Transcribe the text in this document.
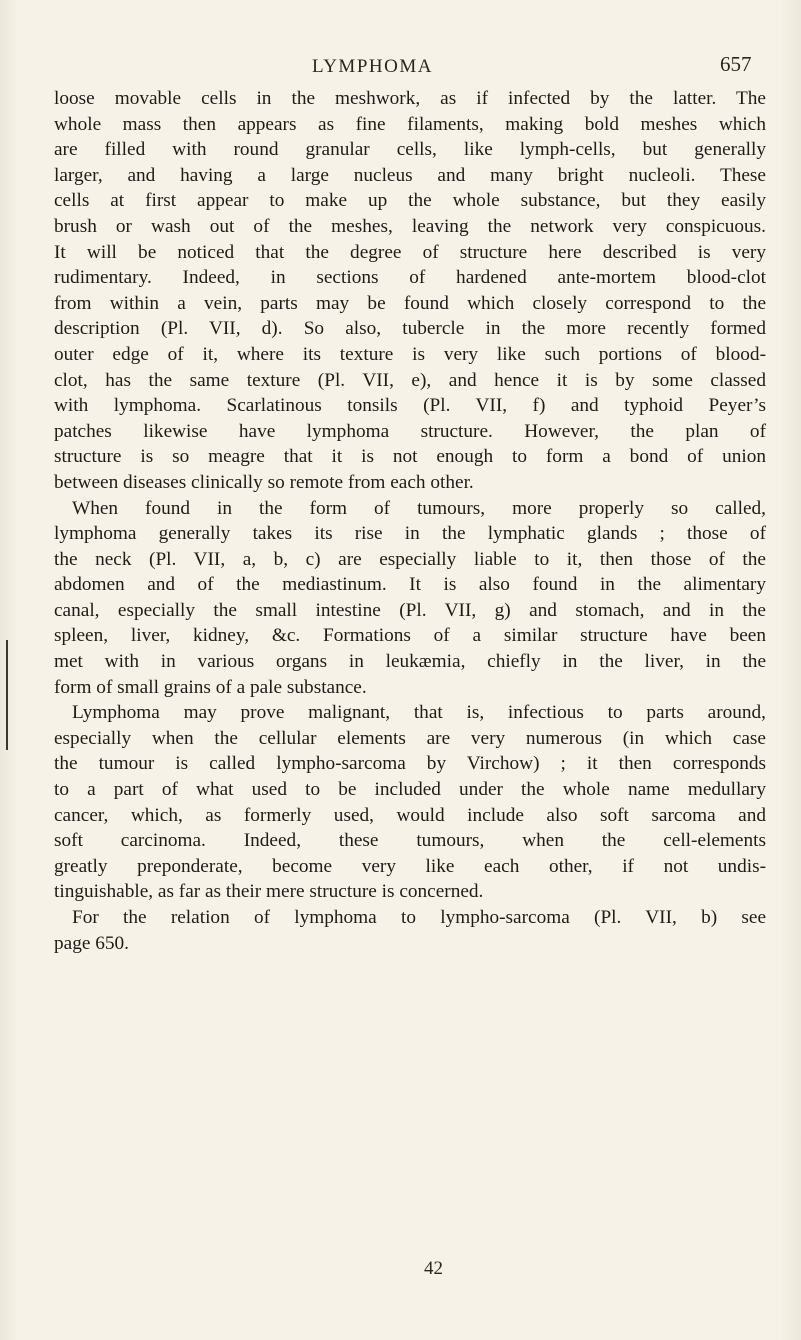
LYMPHOMA	657
loose movable cells in the meshwork, as if infected by the latter. The
whole mass then appears as fine filaments, making bold meshes which
are filled with round granular cells, like lymph-cells, but generally
larger, and having a large nucleus and many bright nucleoli. These
cells at first appear to make up the whole substance, but they easily
brush or wash out of the meshes, leaving the network very conspicuous.
It will be noticed that the degree of structure here described is very
rudimentary. Indeed, in sections of hardened ante-mortem blood-clot
from within a vein, parts may be found which closely correspond to the
description (Pl. VII, d). So also, tubercle in the more recently formed
outer edge of it, where its texture is very like such portions of blood-
clot, has the same texture (Pl. VII, e), and hence it is by some classed
with lymphoma. Scarlatinous tonsils (Pl. VII, f) and typhoid Peyer’s
patches likewise have lymphoma structure. However, the plan of
structure is so meagre that it is not enough to form a bond of union
between diseases clinically so remote from each other.
When found in the form of tumours, more properly so called,
lymphoma generally takes its rise in the lymphatic glands ; those of
the neck (Pl. VII, a, b, c) are especially liable to it, then those of the
abdomen and of the mediastinum. It is also found in the alimentary
canal, especially the small intestine (Pl. VII, g) and stomach, and in the
spleen, liver, kidney, &c. Formations of a similar structure have been
met with in various organs in leukæmia, chiefly in the liver, in the
form of small grains of a pale substance.
Lymphoma may prove malignant, that is, infectious to parts around,
especially when the cellular elements are very numerous (in which case
the tumour is called lympho-sarcoma by Virchow) ; it then corresponds
to a part of what used to be included under the whole name medullary
cancer, which, as formerly used, would include also soft sarcoma and
soft carcinoma. Indeed, these tumours, when the cell-elements
greatly preponderate, become very like each other, if not undis-
tinguishable, as far as their mere structure is concerned.
For the relation of lymphoma to lympho-sarcoma (Pl. VII, b) see
page 650.
42
